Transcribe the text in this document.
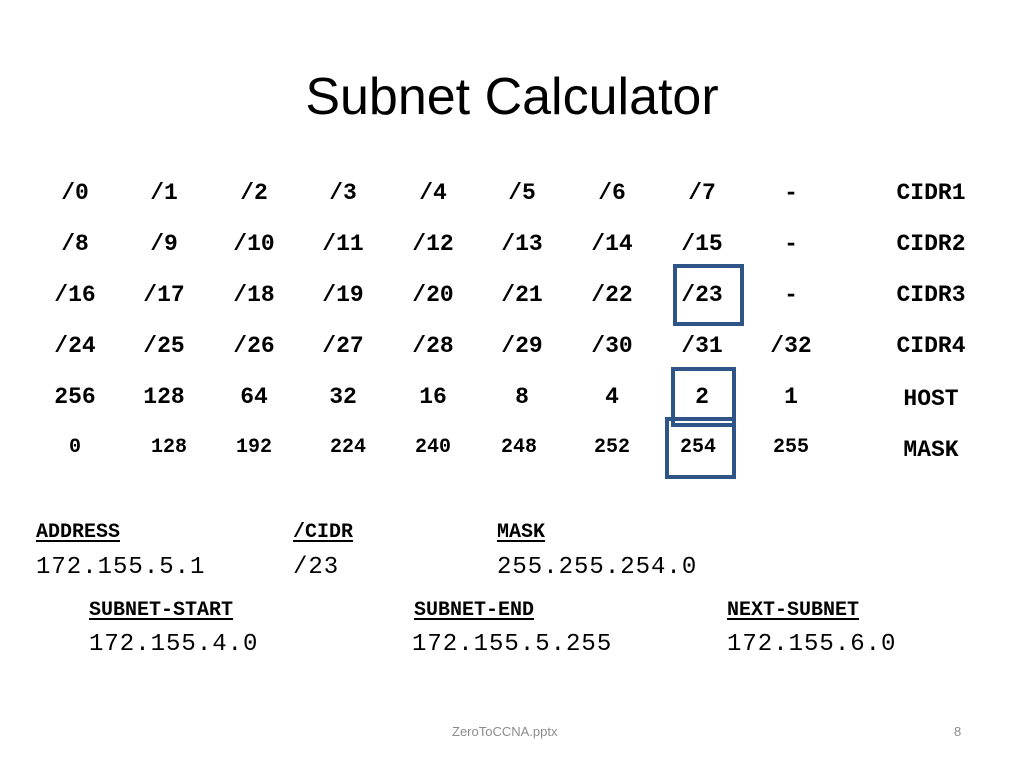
Subnet Calculator
/0	/1	/2	/3	/4	/5	/6	/7	-	CIDR1
/8	/9	/10	/11	/12	/13	/14	/15	-	CIDR2
/16	/17	/18	/19	/20	/21	/22	/23	-	CIDR3
/24	/25	/26	/27	/28	/29	/30	/31	/32	CIDR4
256	128	64	32	16	8	4	2	1	HOST
0	128	192	224	240	248	252	254	255	MASK
ADDRESS
172.155.5.1
/CIDR
/23
MASK
255.255.254.0
SUBNET-START
172.155.4.0
SUBNET-END
172.155.5.255
NEXT-SUBNET
172.155.6.0
ZeroToCCNA.pptx	8
